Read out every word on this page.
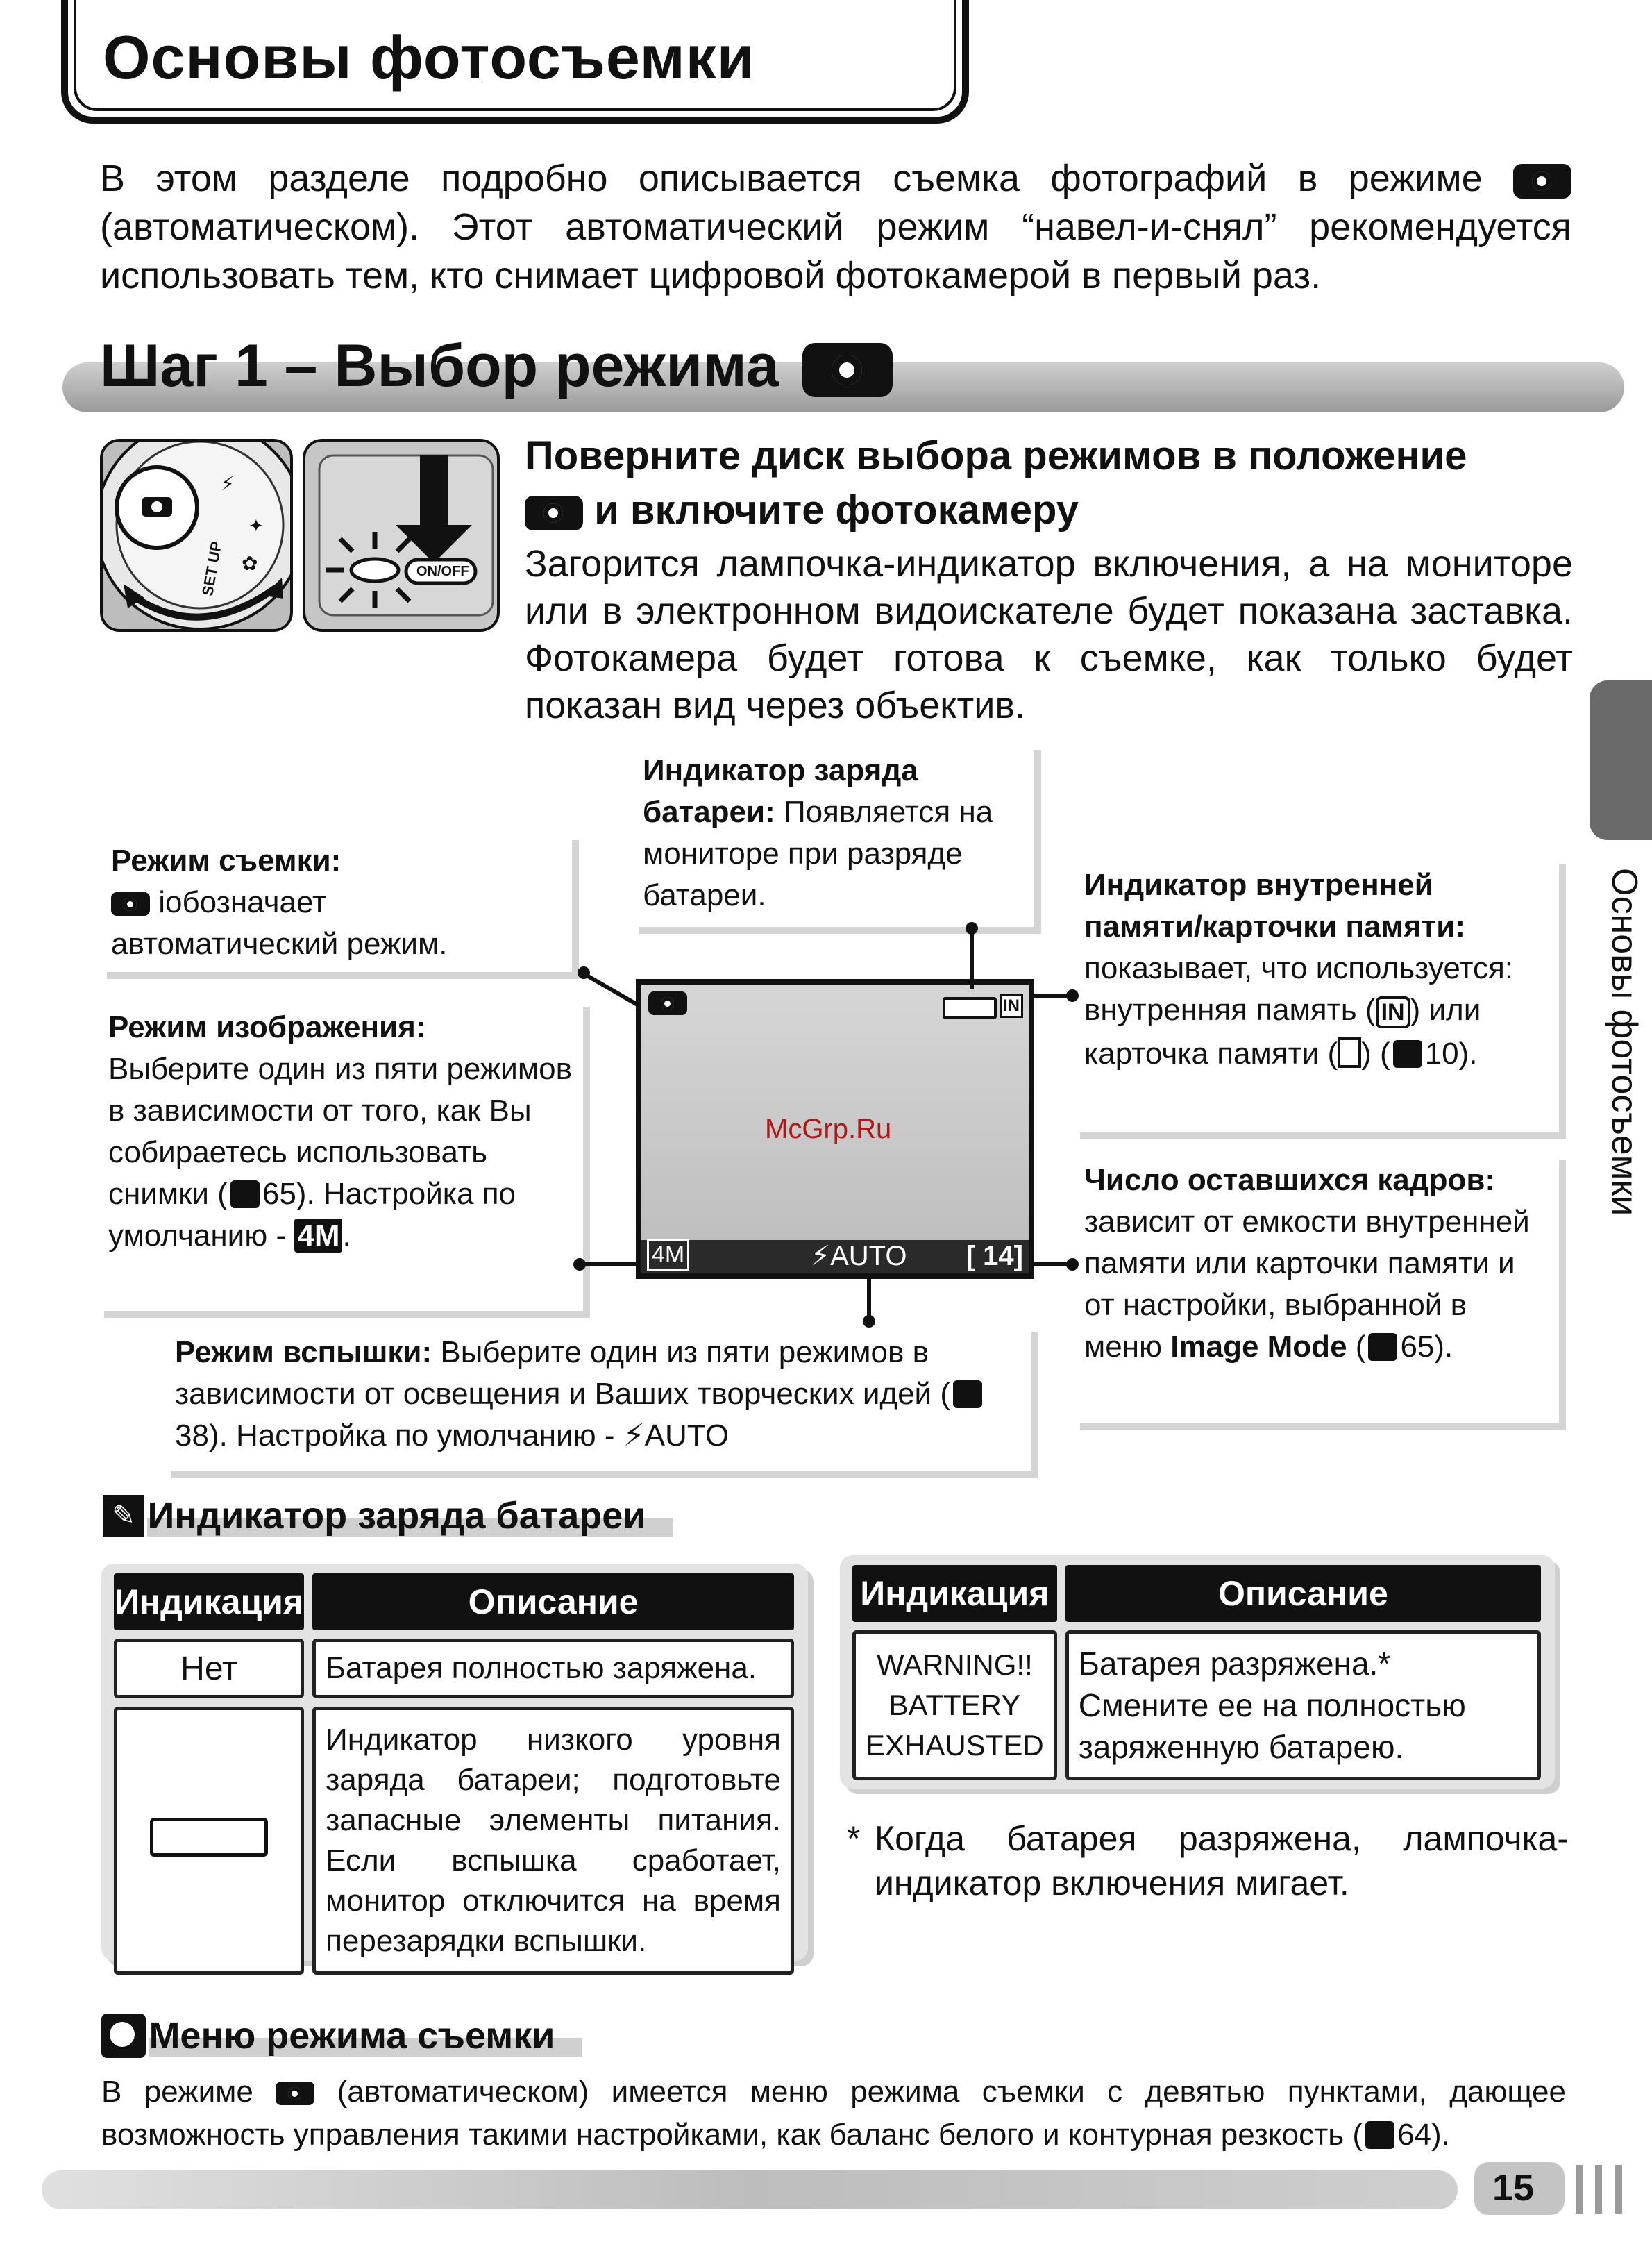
Основы фотосъемки
В этом разделе подробно описывается съемка фотографий в режиме  (автоматическом). Этот автоматический режим “навел-и-снял” рекомендуется использовать тем, кто снимает цифровой фотокамерой в первый раз.
Шаг 1 – Выбор режима
⚡
✦
✿
SET UP	ON/OFF
Поверните диск выбора режимов в положение
и включите фотокамеру
Загорится лампочка-индикатор включения, а на мониторе или в электронном видоискателе будет показана заставка. Фотокамера будет готова к съемке, как только будет показан вид через объектив.
Основы фотосъемки
Индикатор заряда батареи: Появляется на мониторе при разряде батареи.
Режим съемки:
iобозначает автоматический режим.
Индикатор внутренней памяти/карточки памяти: показывает, что используется: внутренняя память ( IN ) или карточка памяти ( ) ( 10).
Режим изображения:
Выберите один из пяти режимов в зависимости от того, как Вы собираетесь использовать снимки ( 65). Настройка по умолчанию - 4M.
Число оставшихся кадров: зависит от емкости внутренней памяти или карточки памяти и от настройки, выбранной в меню Image Mode ( 65).
Режим вспышки: Выберите один из пяти режимов в зависимости от освещения и Ваших творческих идей (38). Настройка по умолчанию - ⚡AUTO
IN
McGrp.Ru
4M	⚡AUTO [ 14]
✎ Индикатор заряда батареи
Индикация	Описание
Нет	Батарея полностью заряжена.
	Индикатор низкого уровня заряда батареи; подготовьте запасные элементы питания. Если вспышка сработает, монитор отключится на время перезарядки вспышки.
Индикация	Описание

WARNING!!
BATTERY
EXHAUSTED	Батарея разряжена.* Смените ее на полностью заряженную батарею.
* Когда батарея разряжена, лампочка-индикатор включения мигает.
Меню режима съемки
В режиме	(автоматическом) имеется меню режима съемки с девятью пунктами, дающее возможность управления такими настройками, как баланс белого и контурная резкость ( 64).
15
